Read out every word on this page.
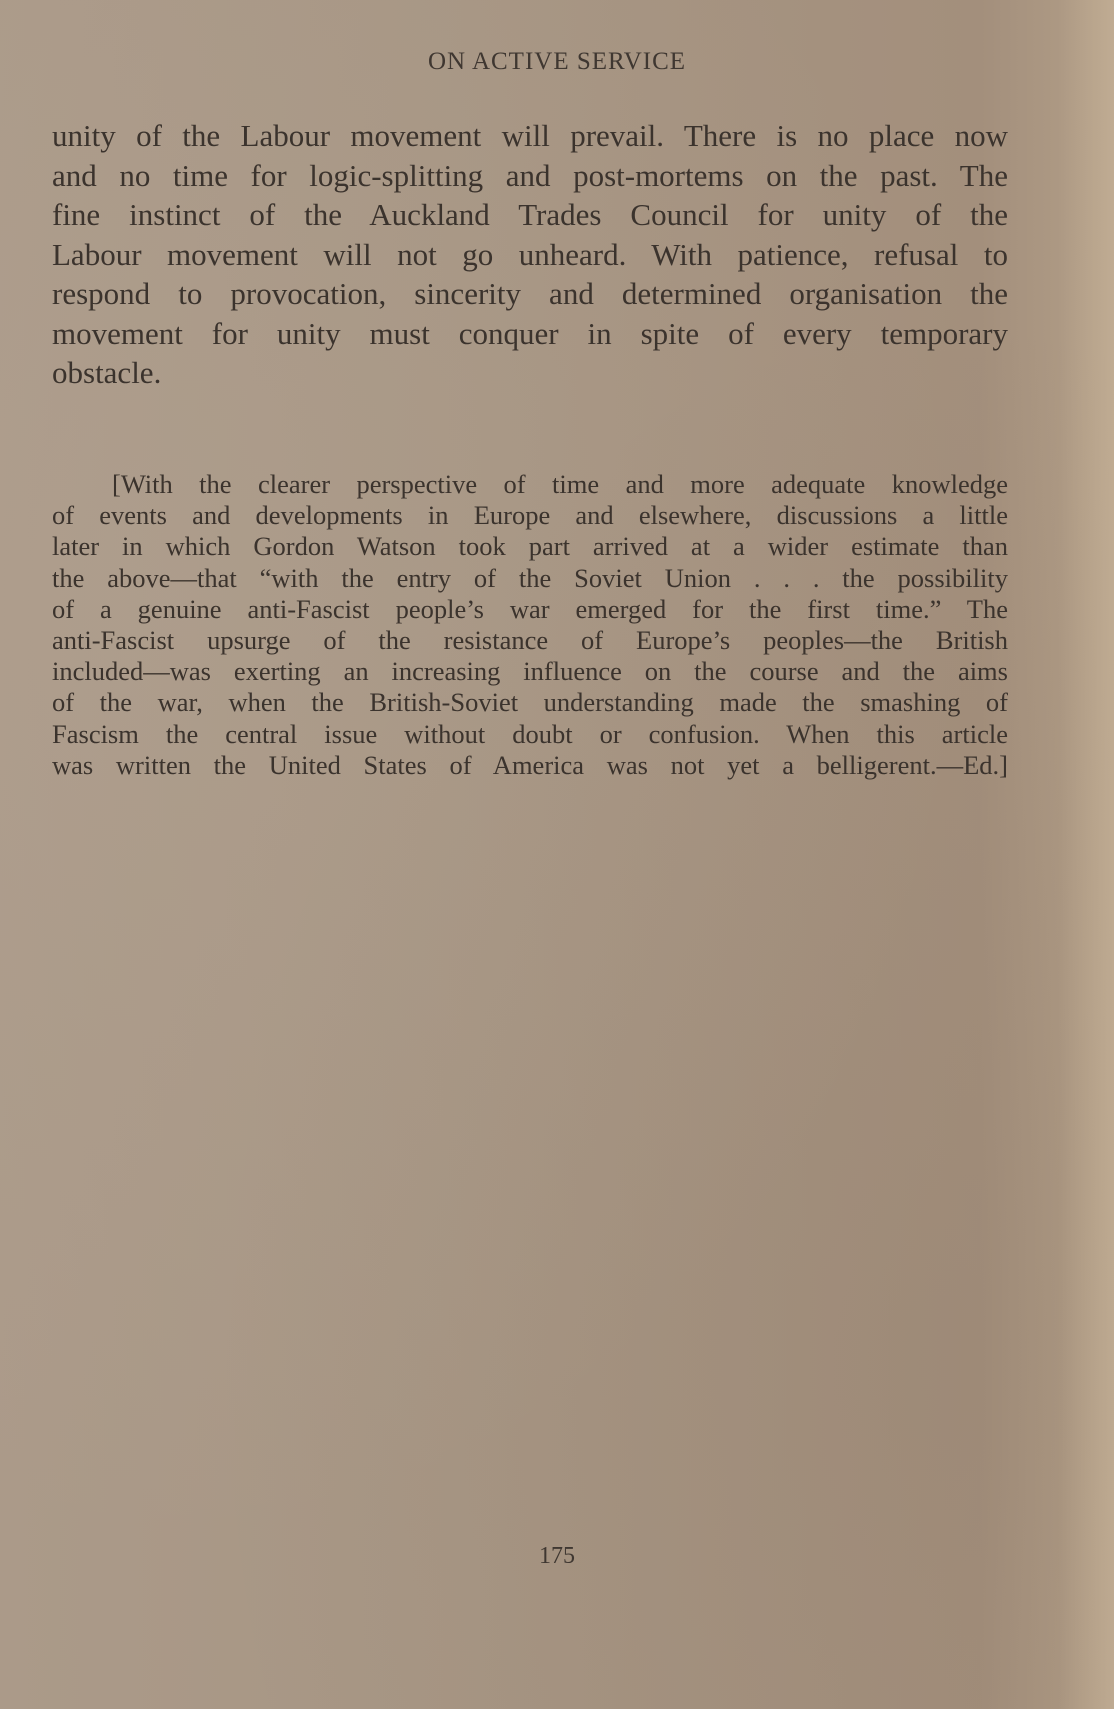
ON ACTIVE SERVICE
unity of the Labour movement will prevail. There is no place now
and no time for logic-splitting and post-mortems on the past. The
fine instinct of the Auckland Trades Council for unity of the
Labour movement will not go unheard. With patience, refusal to
respond to provocation, sincerity and determined organisation the
movement for unity must conquer in spite of every temporary
obstacle.
[With the clearer perspective of time and more adequate knowledge
of events and developments in Europe and elsewhere, discussions a little
later in which Gordon Watson took part arrived at a wider estimate than
the above—that “with the entry of the Soviet Union . . . the possibility
of a genuine anti-Fascist people’s war emerged for the first time.” The
anti-Fascist upsurge of the resistance of Europe’s peoples—the British
included—was exerting an increasing influence on the course and the aims
of the war, when the British-Soviet understanding made the smashing of
Fascism the central issue without doubt or confusion. When this article
was written the United States of America was not yet a belligerent.—Ed.]
175
